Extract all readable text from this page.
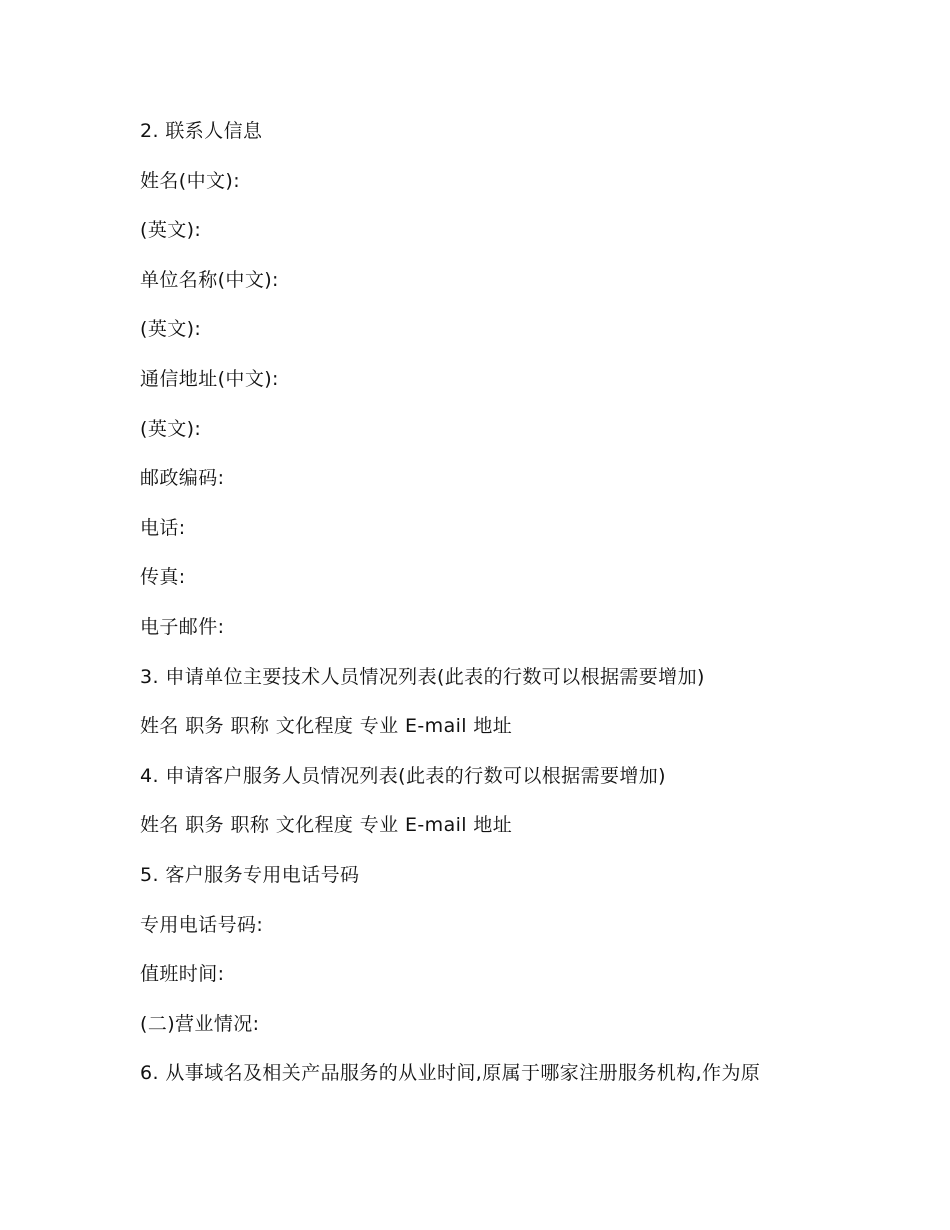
2. 联系人信息
姓名(中文):
(英文):
单位名称(中文):
(英文):
通信地址(中文):
(英文):
邮政编码:
电话:
传真:
电子邮件:
3. 申请单位主要技术人员情况列表(此表的行数可以根据需要增加)
姓名 职务 职称 文化程度 专业 E-mail 地址
4. 申请客户服务人员情况列表(此表的行数可以根据需要增加)
姓名 职务 职称 文化程度 专业 E-mail 地址
5. 客户服务专用电话号码
专用电话号码:
值班时间:
(二)营业情况:
6. 从事域名及相关产品服务的从业时间,原属于哪家注册服务机构,作为原
